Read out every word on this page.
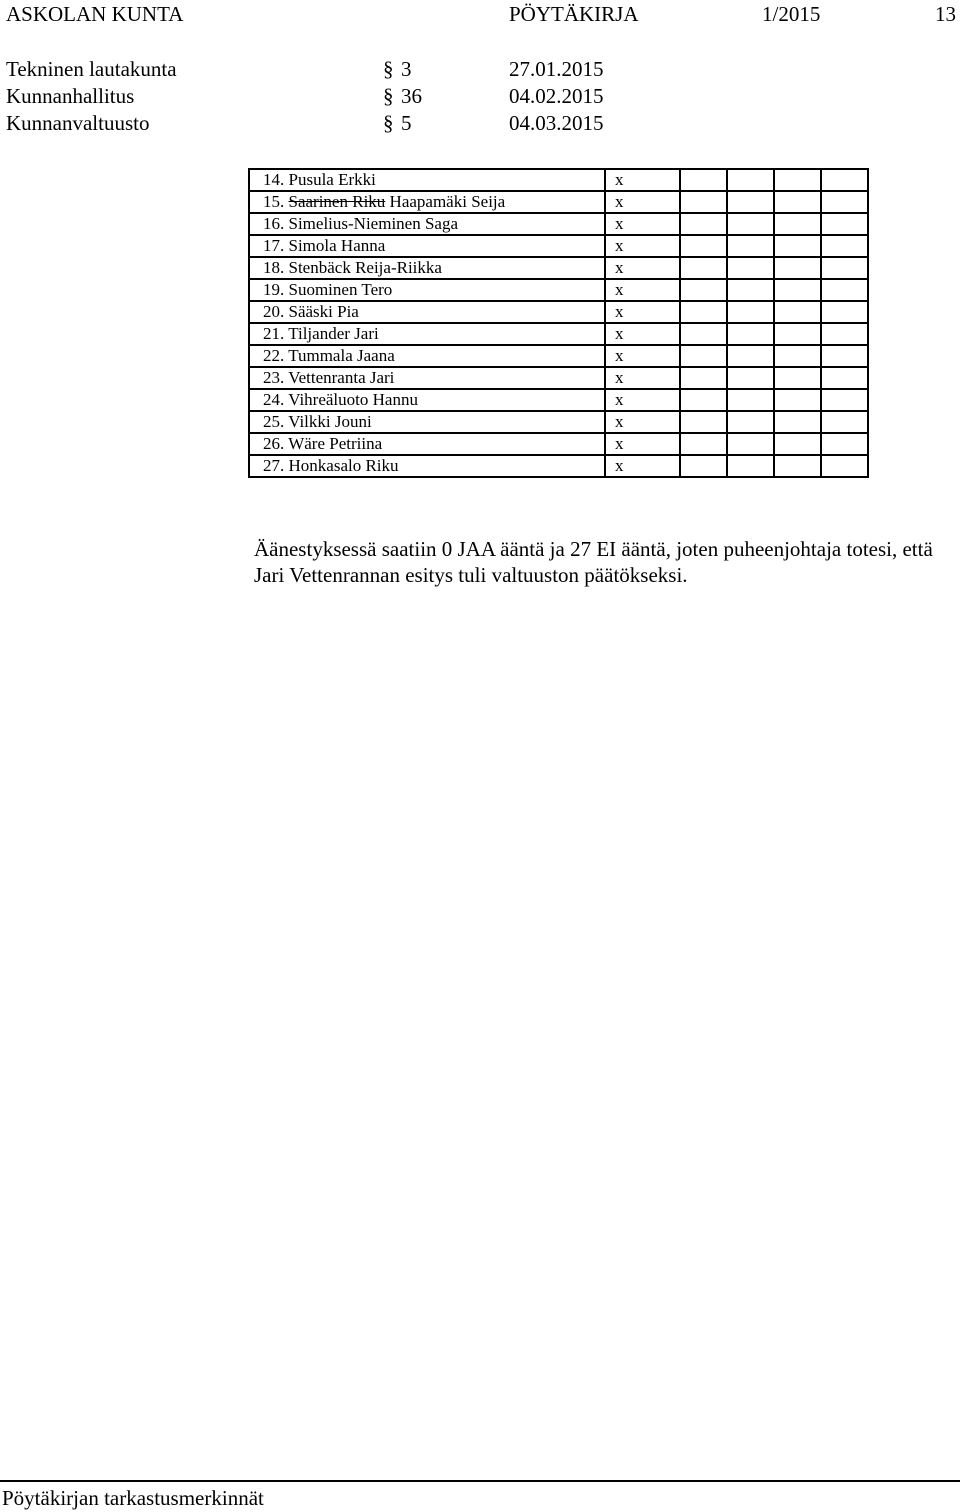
ASKOLAN KUNTA	PÖYTÄKIRJA	1/2015	13
Tekninen lautakunta	§ 3	27.01.2015
Kunnanhallitus	§ 36	04.02.2015
Kunnanvaltuusto	§ 5	04.03.2015
14. Pusula Erkki	x				
15. Saarinen Riku Haapamäki Seija	x				
16. Simelius-Nieminen Saga	x				
17. Simola Hanna	x				
18. Stenbäck Reija-Riikka	x				
19. Suominen Tero	x				
20. Sääski Pia	x				
21. Tiljander Jari	x				
22. Tummala Jaana	x				
23. Vettenranta Jari	x				
24. Vihreäluoto Hannu	x				
25. Vilkki Jouni	x				
26. Wäre Petriina	x				
27. Honkasalo Riku	x				
Äänestyksessä saatiin 0 JAA ääntä ja 27 EI ääntä, joten puheenjohtaja totesi, että Jari Vettenrannan esitys tuli valtuuston päätökseksi.
Pöytäkirjan tarkastusmerkinnät
